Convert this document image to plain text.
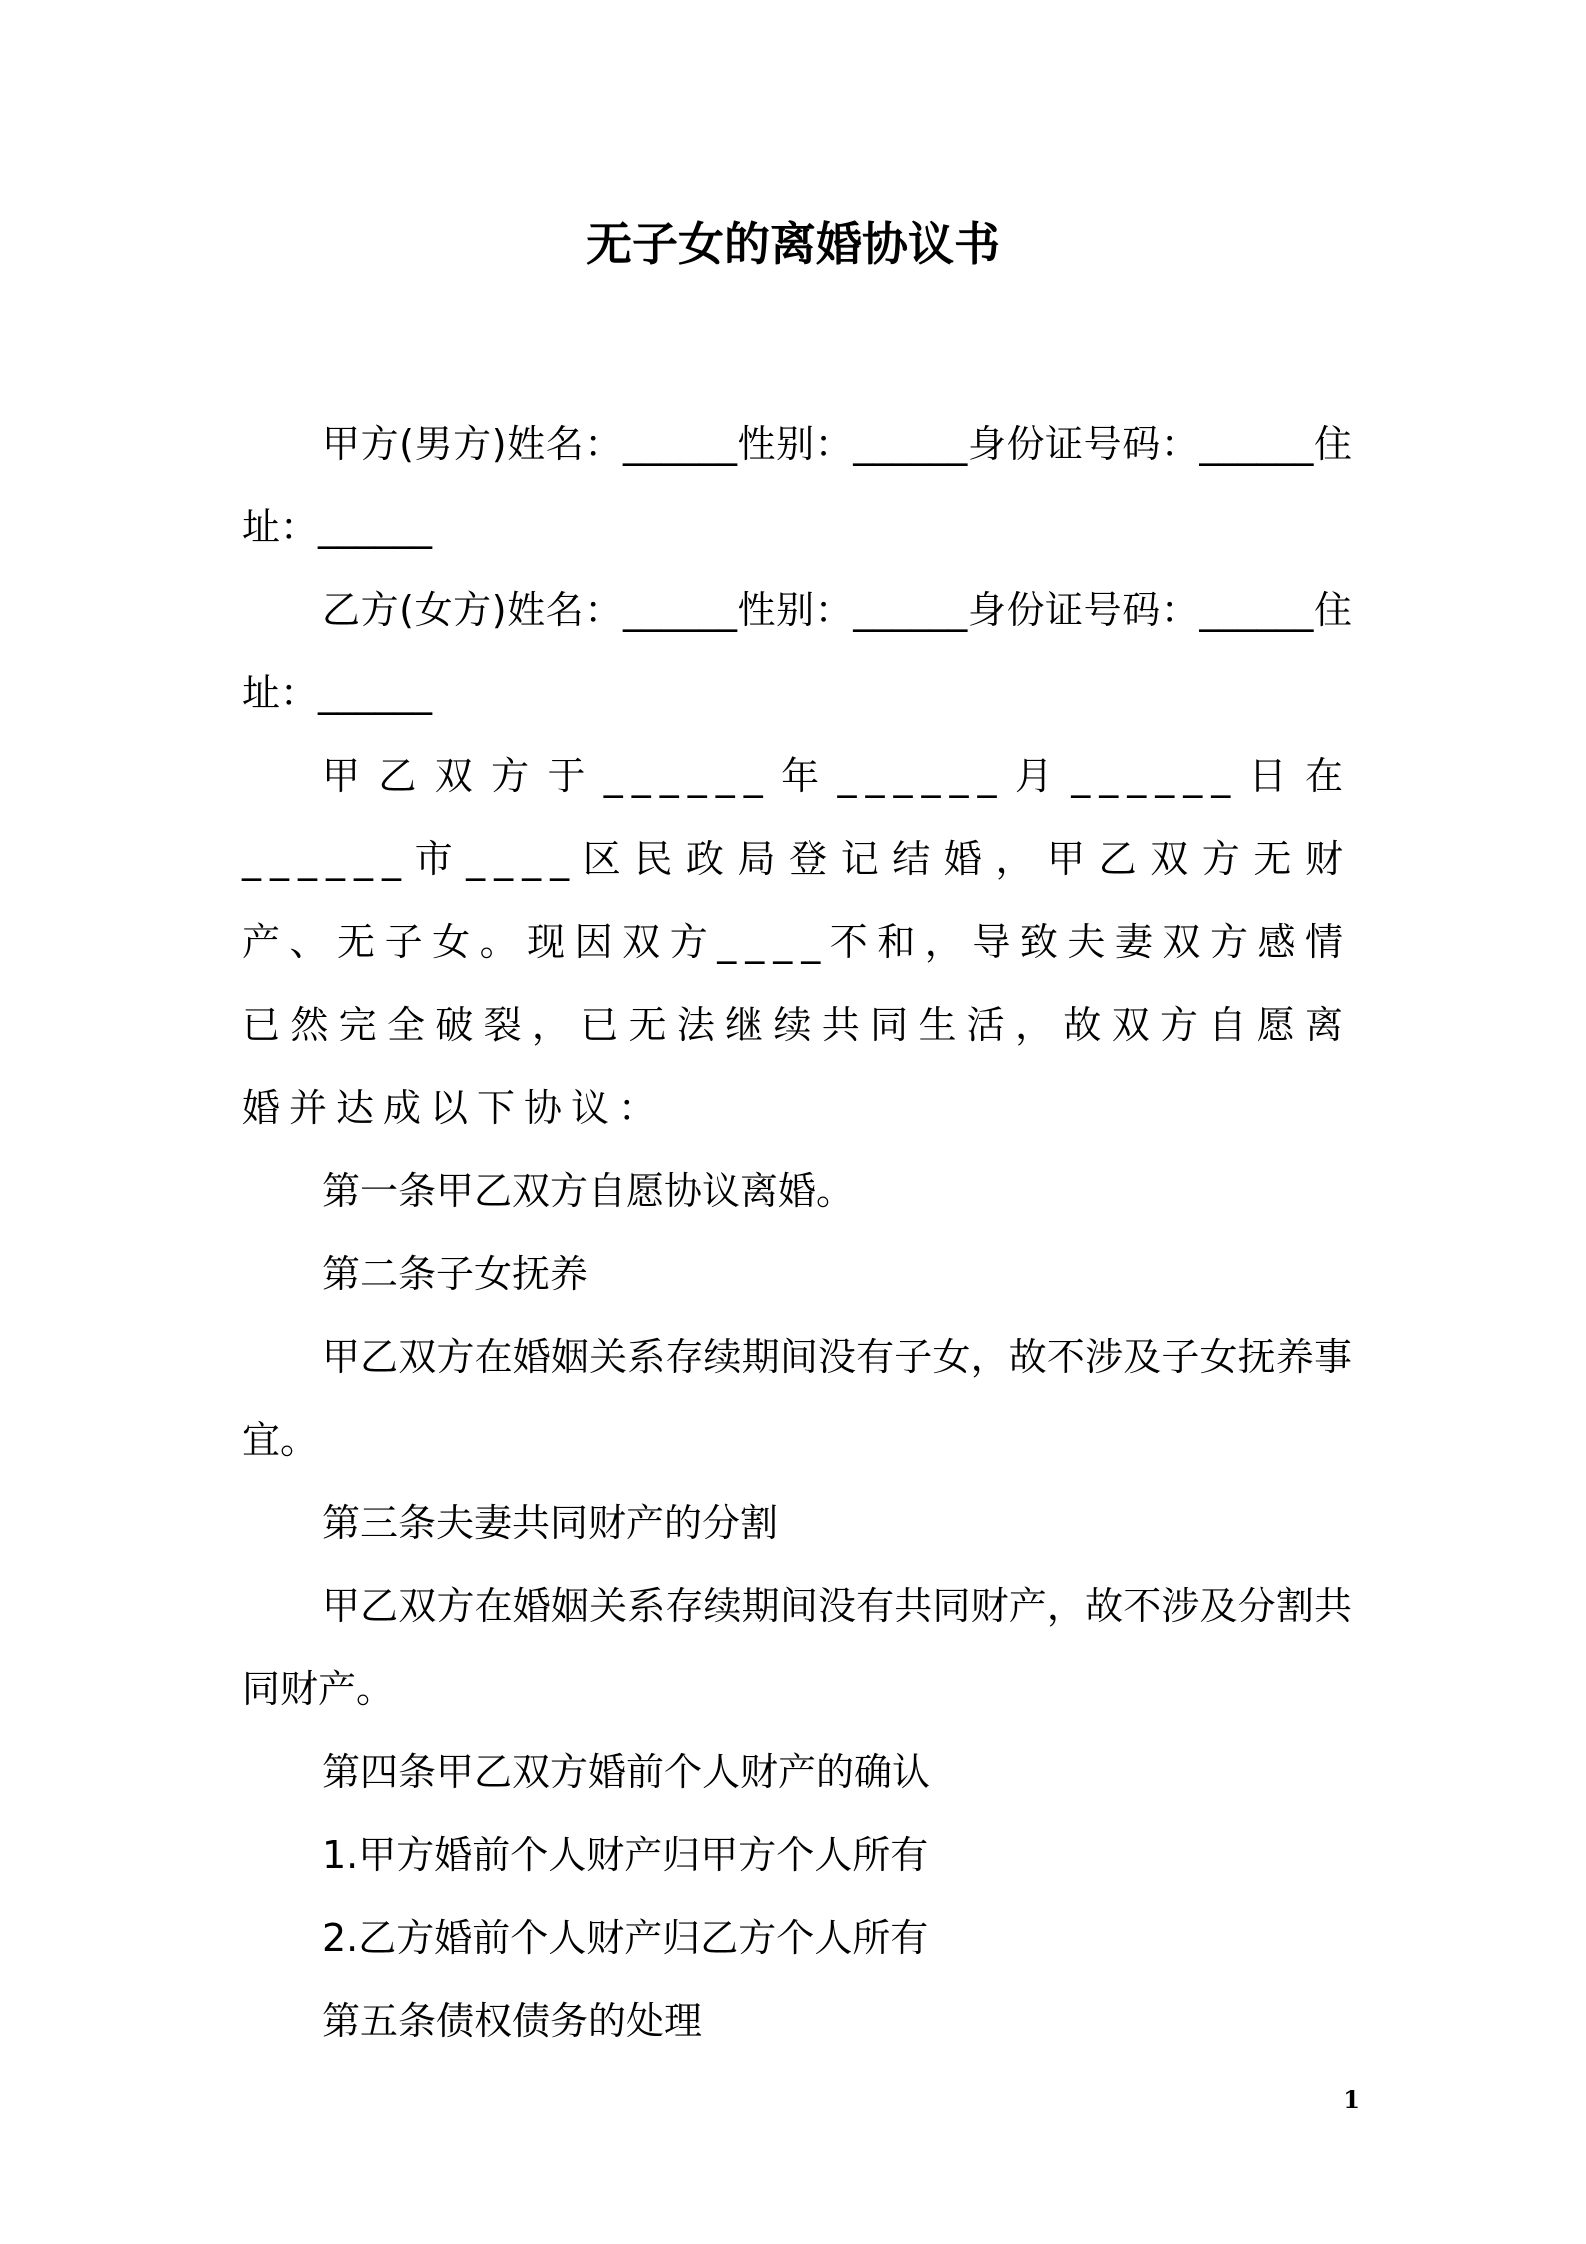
无子女的离婚协议书

甲方(男方)姓名：______性别：______身份证号码：______住址：______

乙方(女方)姓名：______性别：______身份证号码：______住址：______

甲乙双方于______年______月______日在______市____区民政局登记结婚，甲乙双方无财产、无子女。现因双方____不和，导致夫妻双方感情已然完全破裂，已无法继续共同生活，故双方自愿离婚并达成以下协议：

第一条甲乙双方自愿协议离婚。

第二条子女抚养

甲乙双方在婚姻关系存续期间没有子女，故不涉及子女抚养事宜。

第三条夫妻共同财产的分割

甲乙双方在婚姻关系存续期间没有共同财产，故不涉及分割共同财产。

第四条甲乙双方婚前个人财产的确认

1.甲方婚前个人财产归甲方个人所有

2.乙方婚前个人财产归乙方个人所有

第五条债权债务的处理

1
